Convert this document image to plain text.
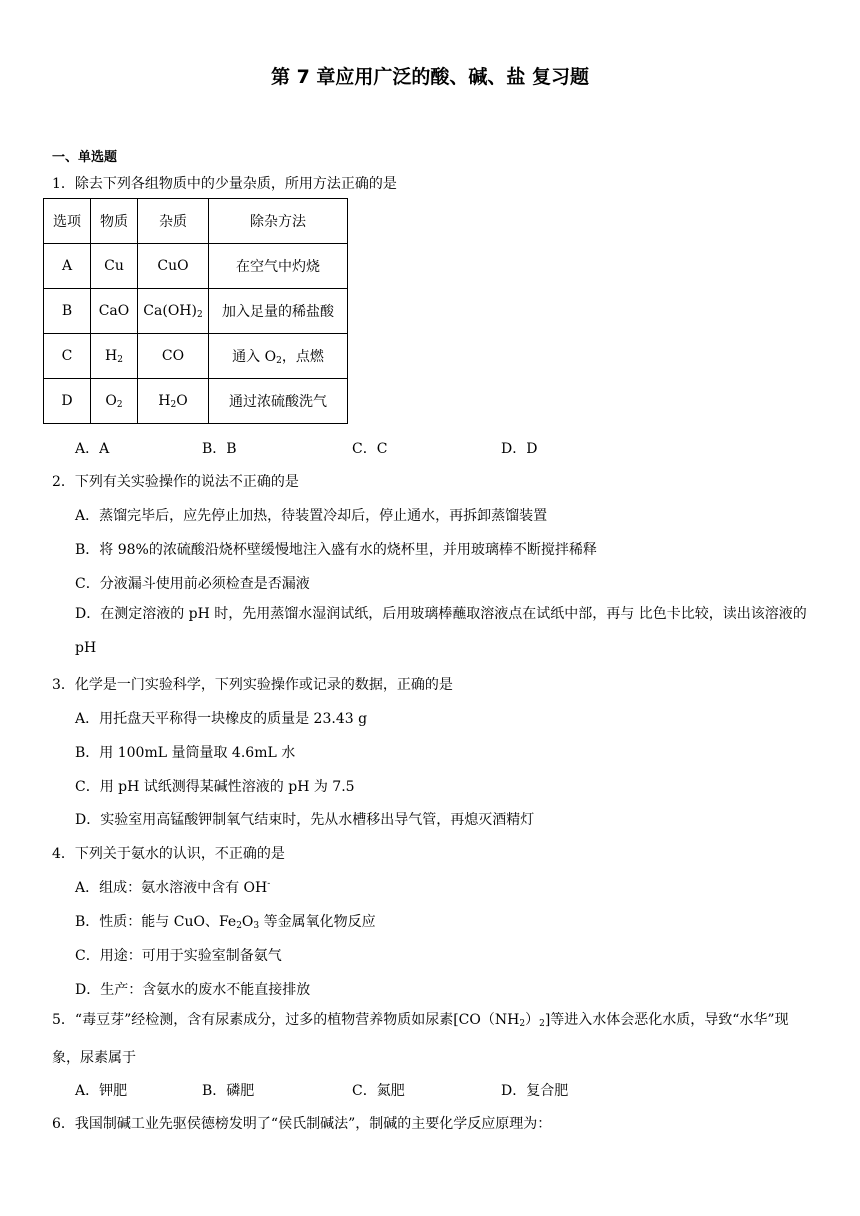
第 7 章应用广泛的酸、碱、盐 复习题
一、单选题
1．除去下列各组物质中的少量杂质，所用方法正确的是
选项	物质	杂质	除杂方法
A	Cu	CuO	在空气中灼烧
B	CaO	$Ca(OH)_2$	加入足量的稀盐酸
C	$H_2$	CO	通入 $O_2$，点燃
D	$O_2$	$H_2O$	通过浓硫酸洗气
A．A	B．B	C．C	D．D
2．下列有关实验操作的说法不正确的是
A．蒸馏完毕后，应先停止加热，待装置冷却后，停止通水，再拆卸蒸馏装置
B．将 98%的浓硫酸沿烧杯壁缓慢地注入盛有水的烧杯里，并用玻璃棒不断搅拌稀释
C．分液漏斗使用前必须检查是否漏液
D．在测定溶液的 pH 时，先用蒸馏水湿润试纸，后用玻璃棒蘸取溶液点在试纸中部，再与 比色卡比较，读出该溶液的 pH
3．化学是一门实验科学，下列实验操作或记录的数据，正确的是
A．用托盘天平称得一块橡皮的质量是 23.43 g
B．用 100mL 量筒量取 4.6mL 水
C．用 pH 试纸测得某碱性溶液的 pH 为 7.5
D．实验室用高锰酸钾制氧气结束时，先从水槽移出导气管，再熄灭酒精灯
4．下列关于氨水的认识，不正确的是
A．组成：氨水溶液中含有 OH-
B．性质：能与 CuO、$Fe_2O_3$ 等金属氧化物反应
C．用途：可用于实验室制备氨气
D．生产：含氨水的废水不能直接排放
5．“毒豆芽”经检测，含有尿素成分，过多的植物营养物质如尿素$[CO(NH_2)_2]$等进入水体会恶化水质，导致“水华”现象，尿素属于
A．钾肥	B．磷肥	C．氮肥	D．复合肥
6．我国制碱工业先驱侯德榜发明了“侯氏制碱法”，制碱的主要化学反应原理为：
